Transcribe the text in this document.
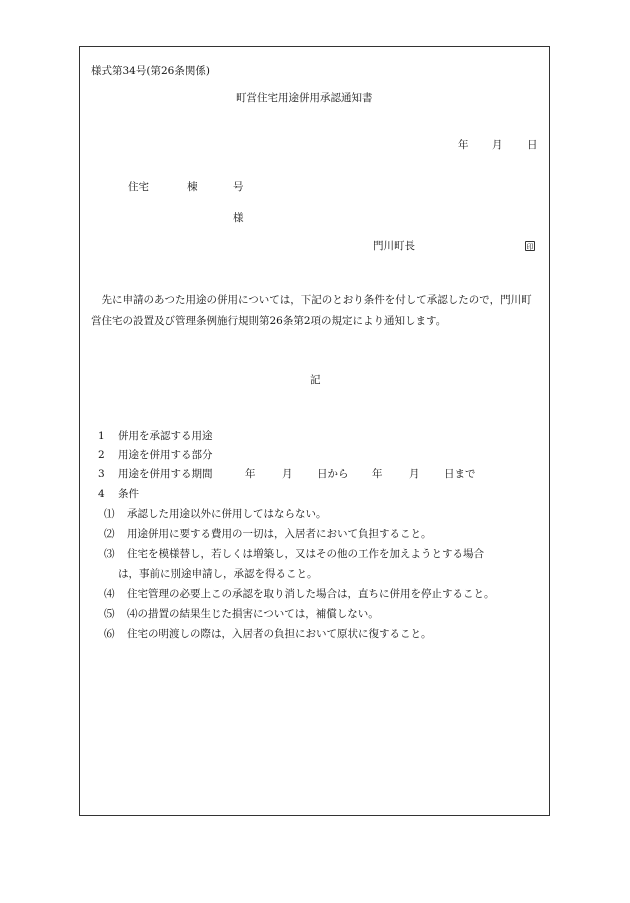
様式第34号(第26条関係)
町営住宅用途併用承認通知書
年 月 日
住宅	棟	号
様
門川町長	印
先に申請のあつた用途の併用については，下記のとおり条件を付して承認したので，門川町営住宅の設置及び管理条例施行規則第26条第2項の規定により通知します。
記
1 併用を承認する用途
2 用途を併用する部分
3 用途を併用する期間	年	月 日から 年	月 日まで
4 条件
⑴ 承認した用途以外に併用してはならない。
⑵ 用途併用に要する費用の一切は，入居者において負担すること。
⑶ 住宅を模様替し，若しくは増築し，又はその他の工作を加えようとする場合
は，事前に別途申請し，承認を得ること。
⑷ 住宅管理の必要上この承認を取り消した場合は，直ちに併用を停止すること。
⑸ ⑷の措置の結果生じた損害については，補償しない。
⑹ 住宅の明渡しの際は，入居者の負担において原状に復すること。
